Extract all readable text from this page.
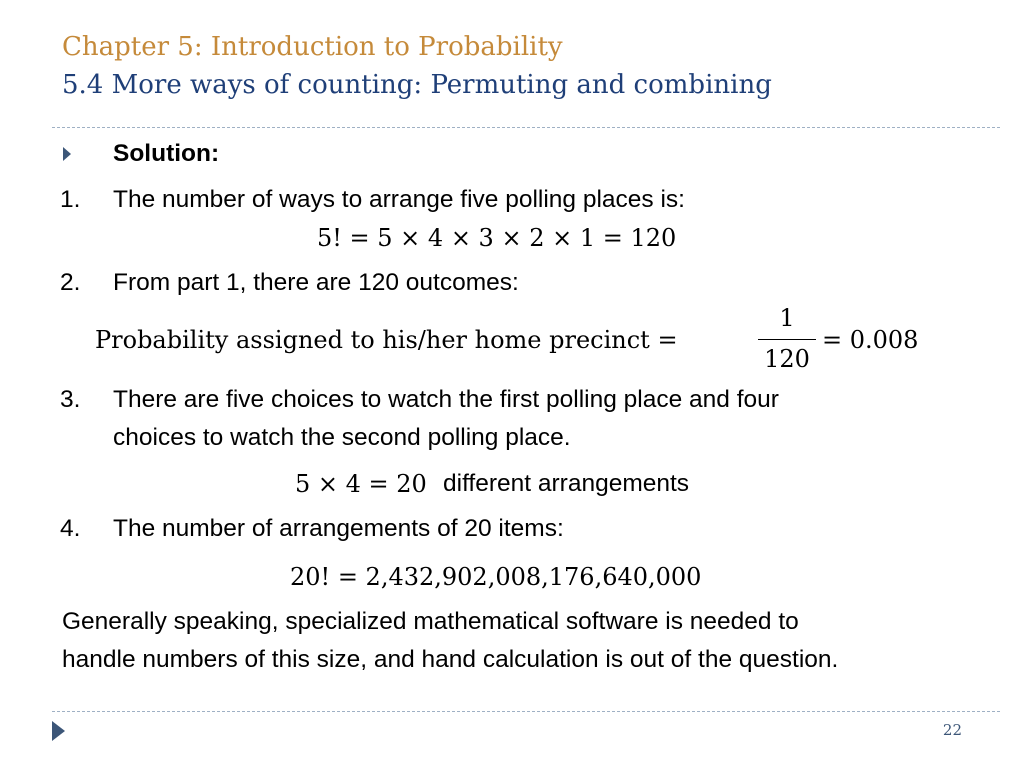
Chapter 5: Introduction to Probability
5.4 More ways of counting: Permuting and combining
Solution:
1. The number of ways to arrange five polling places is:
5! = 5 × 4 × 3 × 2 × 1 = 120
2. From part 1, there are 120 outcomes:
Probability assigned to his/her home precinct =
1
120
= 0.008
3. There are five choices to watch the first polling place and four
choices to watch the second polling place.
5 × 4 = 20 different arrangements
4. The number of arrangements of 20 items:
20! = 2,432,902,008,176,640,000
Generally speaking, specialized mathematical software is needed to
handle numbers of this size, and hand calculation is out of the question.
22
